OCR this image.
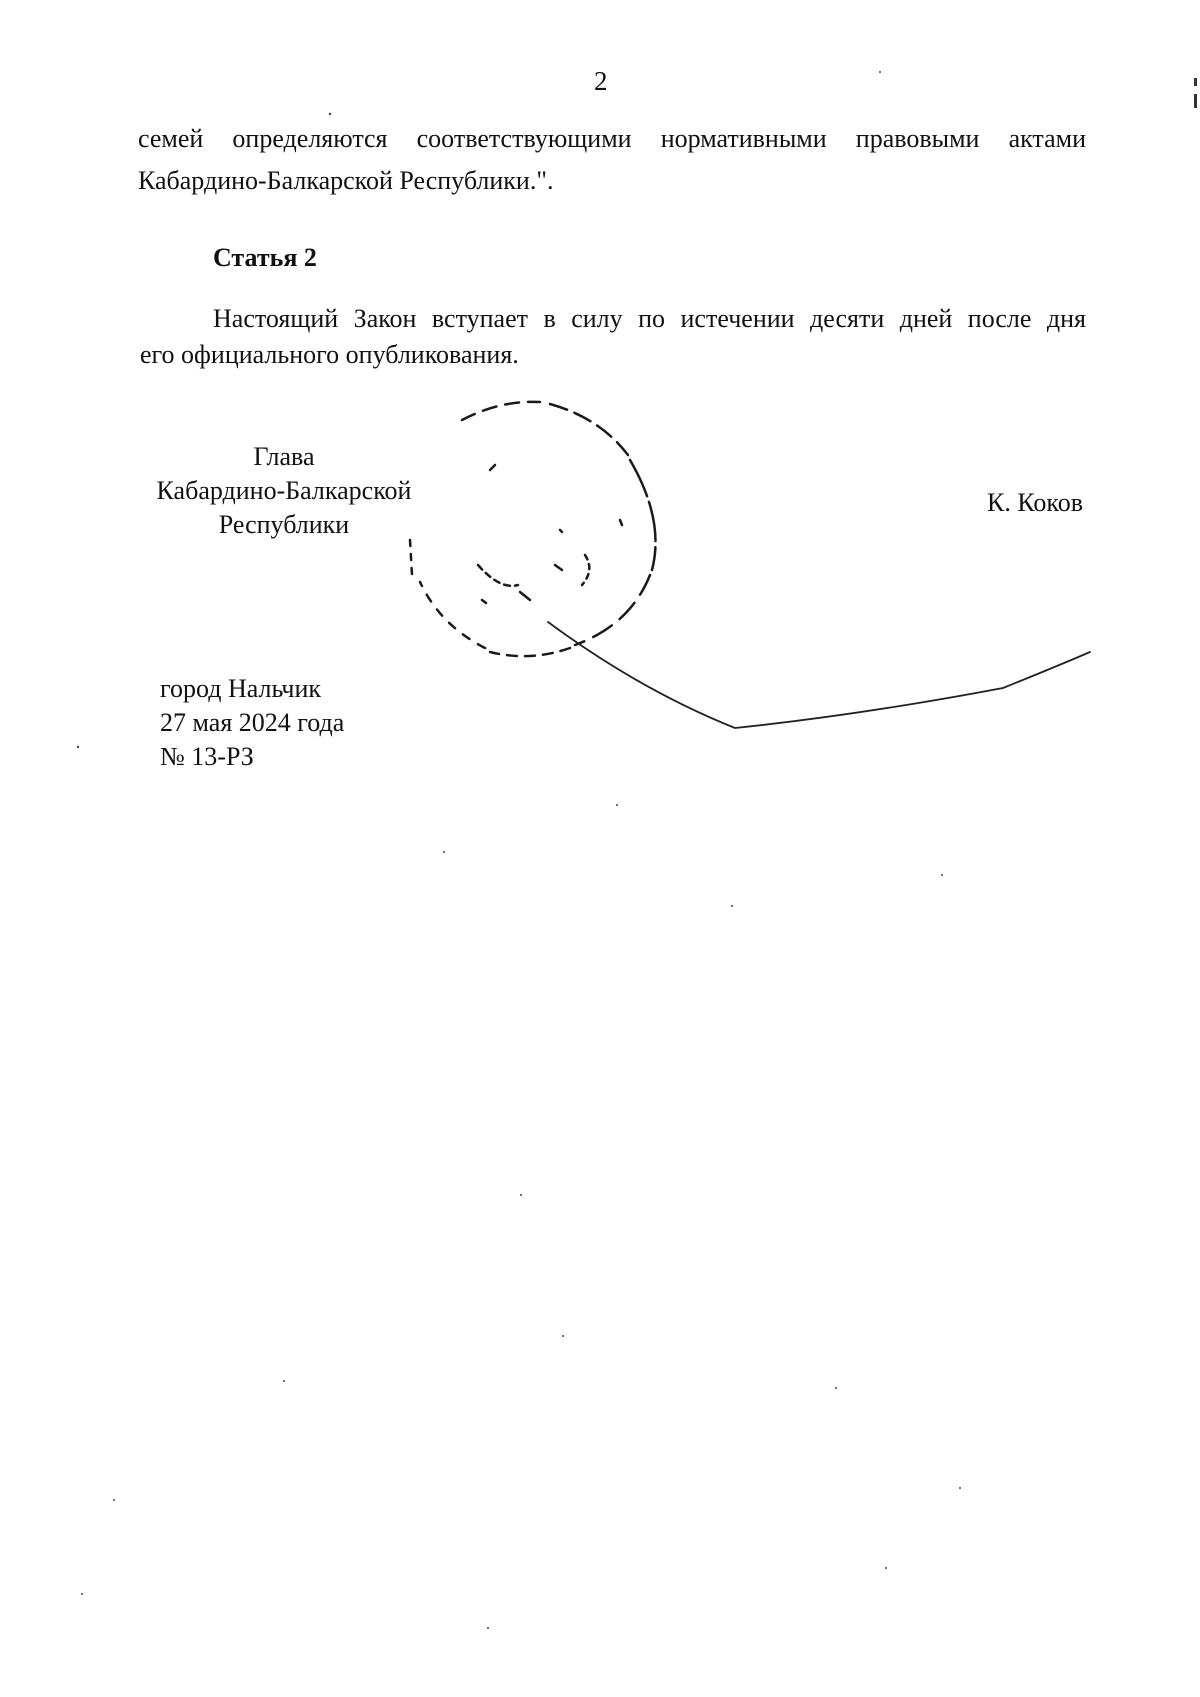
2
семей определяются соответствующими нормативными правовыми актами
Кабардино-Балкарской Республики.".
Статья 2
Настоящий Закон вступает в силу по истечении десяти дней после дня
его официального опубликования.
Глава
Кабардино-Балкарской
Республики
К. Коков
город Нальчик
27 мая 2024 года
№ 13-РЗ
